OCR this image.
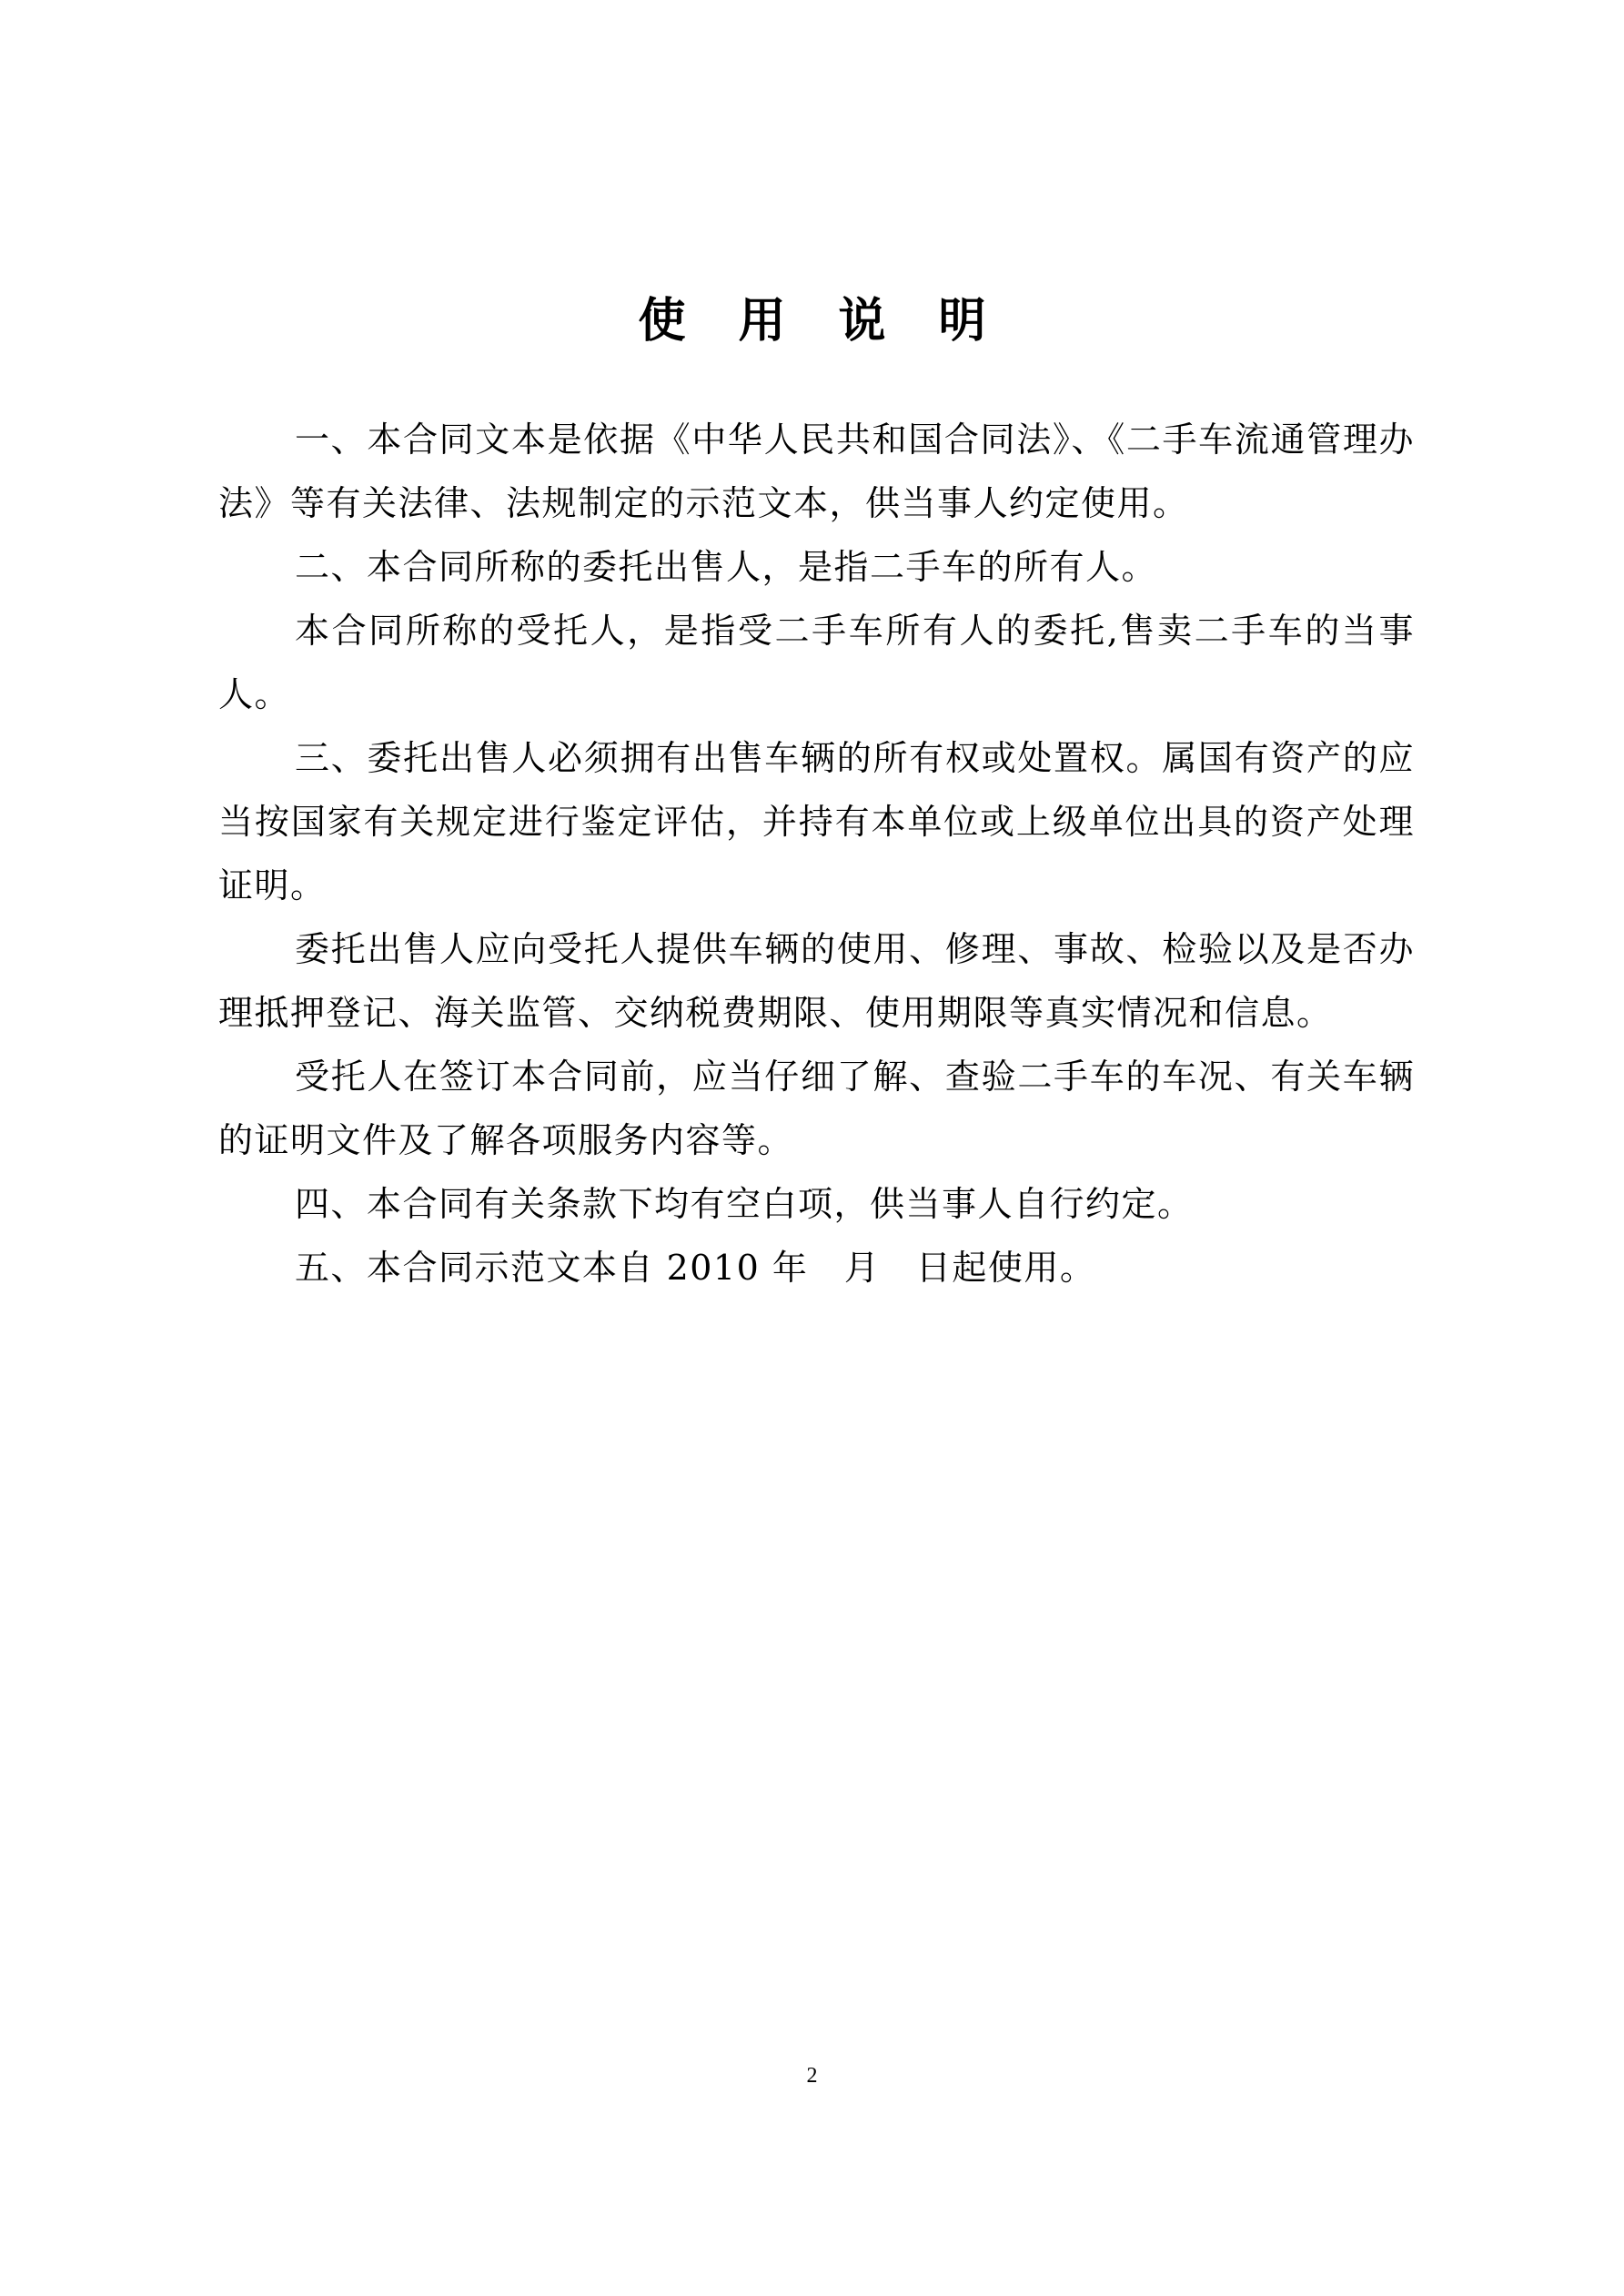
使用说明

一、本合同文本是依据《中华人民共和国合同法》、《二手车流通管理办法》等有关法律、法规制定的示范文本，供当事人约定使用。

二、本合同所称的委托出售人，是指二手车的所有人。

本合同所称的受托人，是指受二手车所有人的委托,售卖二手车的当事人。

三、委托出售人必须拥有出售车辆的所有权或处置权。属国有资产的应当按国家有关规定进行鉴定评估，并持有本单位或上级单位出具的资产处理证明。

委托出售人应向受托人提供车辆的使用、修理、事故、检验以及是否办理抵押登记、海关监管、交纳税费期限、使用期限等真实情况和信息。

受托人在签订本合同前，应当仔细了解、查验二手车的车况、有关车辆的证明文件及了解各项服务内容等。

四、本合同有关条款下均有空白项，供当事人自行约定。

五、本合同示范文本自 2010 年　月　日起使用。

2
